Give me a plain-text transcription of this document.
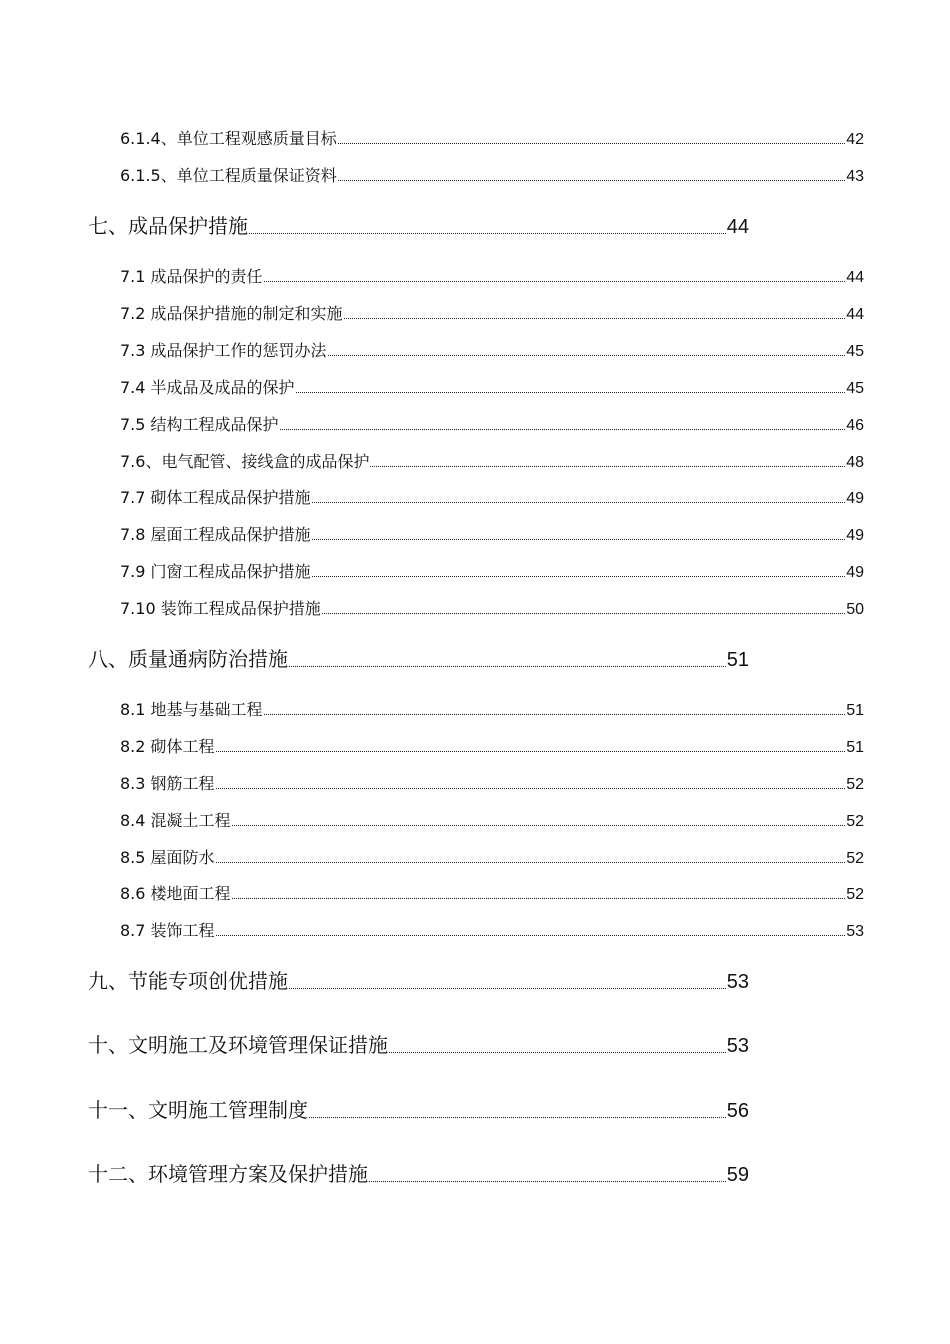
6.1.4、单位工程观感质量目标	42
6.1.5、单位工程质量保证资料	43
七、成品保护措施	44
7.1 成品保护的责任	44
7.2 成品保护措施的制定和实施	44
7.3 成品保护工作的惩罚办法	45
7.4 半成品及成品的保护	45
7.5 结构工程成品保护	46
7.6、电气配管、接线盒的成品保护	48
7.7 砌体工程成品保护措施	49
7.8 屋面工程成品保护措施	49
7.9 门窗工程成品保护措施	49
7.10 装饰工程成品保护措施	50
八、质量通病防治措施	51
8.1 地基与基础工程	51
8.2 砌体工程	51
8.3 钢筋工程	52
8.4 混凝土工程	52
8.5 屋面防水	52
8.6 楼地面工程	52
8.7 装饰工程	53
九、节能专项创优措施	53
十、文明施工及环境管理保证措施	53
十一、文明施工管理制度	56
十二、环境管理方案及保护措施	59
